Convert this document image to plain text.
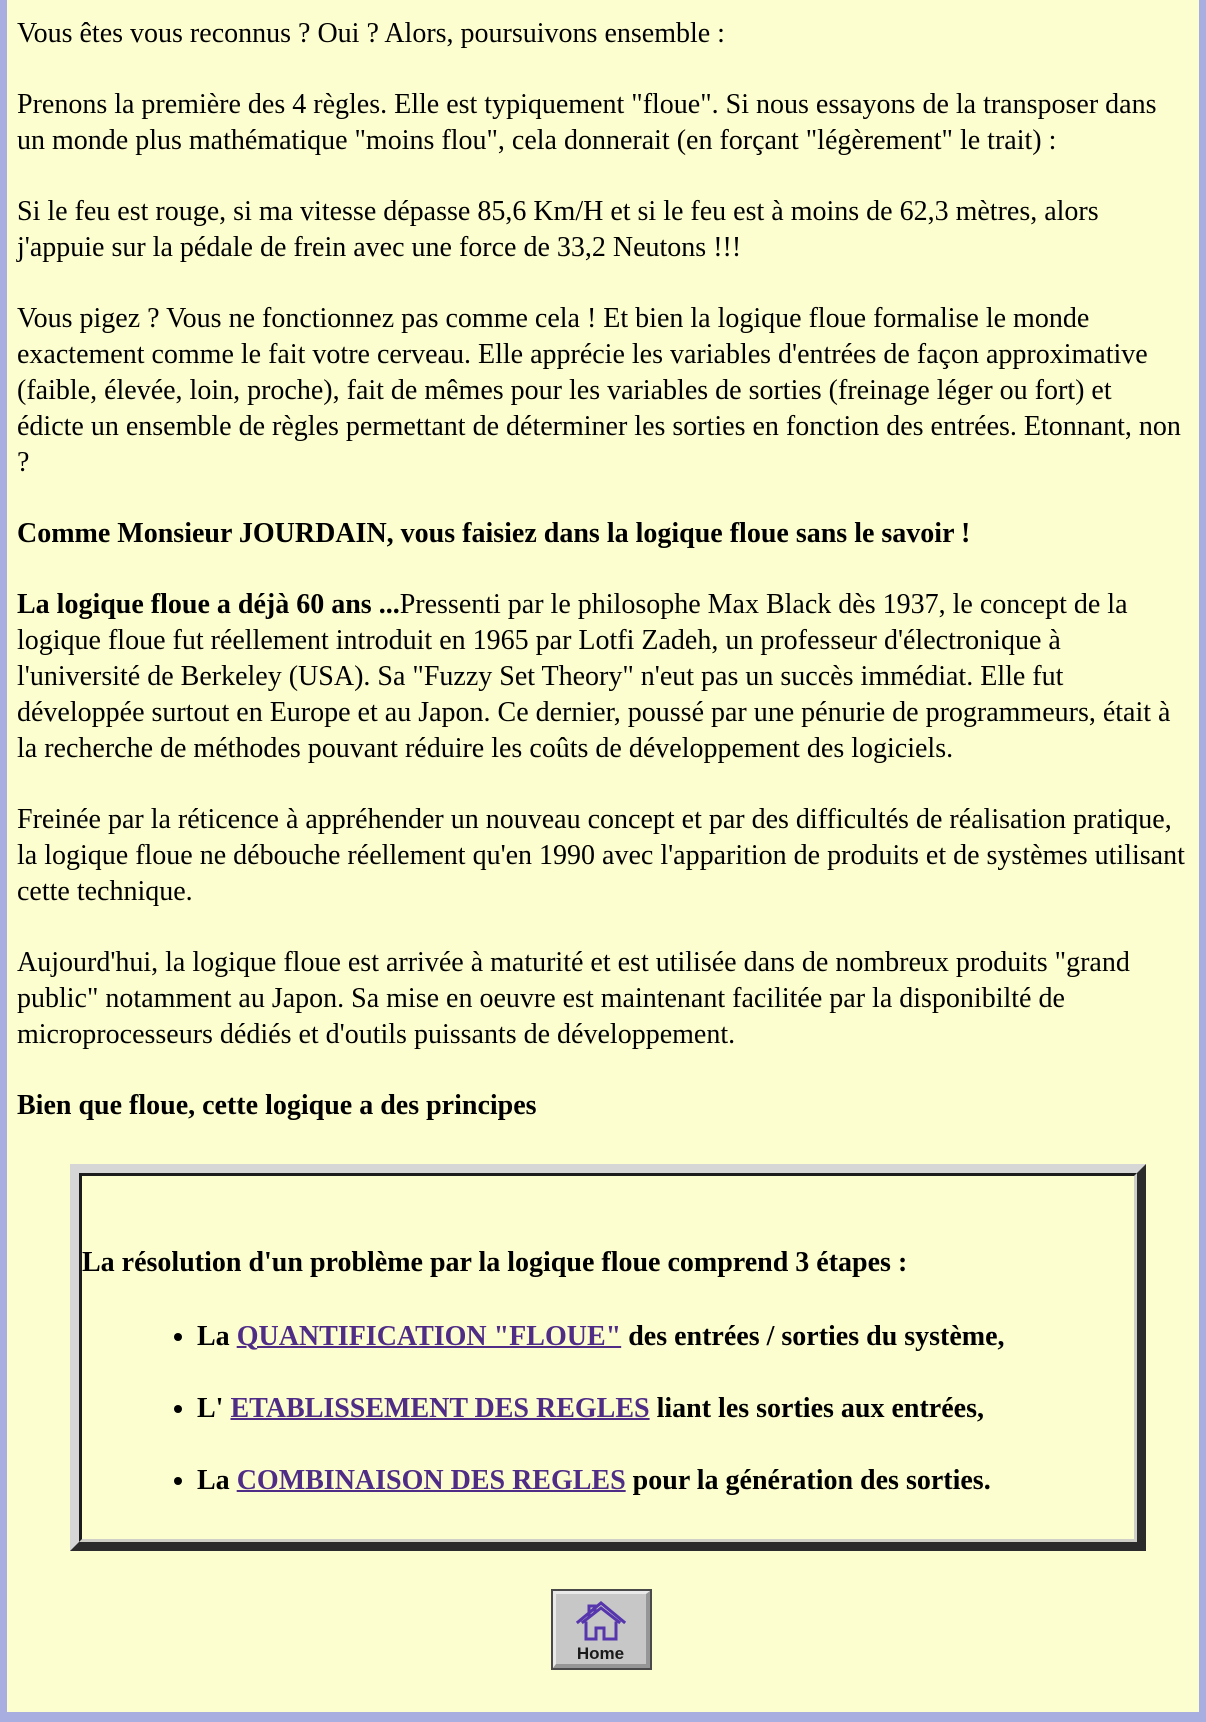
Vous êtes vous reconnus ? Oui ? Alors, poursuivons ensemble :

Prenons la première des 4 règles. Elle est typiquement "floue". Si nous essayons de la transposer dans un monde plus mathématique "moins flou", cela donnerait (en forçant "légèrement" le trait) :

Si le feu est rouge, si ma vitesse dépasse 85,6 Km/H et si le feu est à moins de 62,3 mètres, alors j'appuie sur la pédale de frein avec une force de 33,2 Neutons !!!

Vous pigez ? Vous ne fonctionnez pas comme cela ! Et bien la logique floue formalise le monde exactement comme le fait votre cerveau. Elle apprécie les variables d'entrées de façon approximative (faible, élevée, loin, proche), fait de mêmes pour les variables de sorties (freinage léger ou fort) et édicte un ensemble de règles permettant de déterminer les sorties en fonction des entrées. Etonnant, non ?

Comme Monsieur JOURDAIN, vous faisiez dans la logique floue sans le savoir !

La logique floue a déjà 60 ans ...Pressenti par le philosophe Max Black dès 1937, le concept de la logique floue fut réellement introduit en 1965 par Lotfi Zadeh, un professeur d'électronique à l'université de Berkeley (USA). Sa "Fuzzy Set Theory" n'eut pas un succès immédiat. Elle fut développée surtout en Europe et au Japon. Ce dernier, poussé par une pénurie de programmeurs, était à la recherche de méthodes pouvant réduire les coûts de développement des logiciels.

Freinée par la réticence à appréhender un nouveau concept et par des difficultés de réalisation pratique, la logique floue ne débouche réellement qu'en 1990 avec l'apparition de produits et de systèmes utilisant cette technique.

Aujourd'hui, la logique floue est arrivée à maturité et est utilisée dans de nombreux produits "grand public" notamment au Japon. Sa mise en oeuvre est maintenant facilitée par la disponibilté de microprocesseurs dédiés et d'outils puissants de développement.

Bien que floue, cette logique a des principes

La résolution d'un problème par la logique floue comprend 3 étapes :

• La QUANTIFICATION "FLOUE" des entrées / sorties du système,
• L' ETABLISSEMENT DES REGLES liant les sorties aux entrées,
• La COMBINAISON DES REGLES pour la génération des sorties.
Home
